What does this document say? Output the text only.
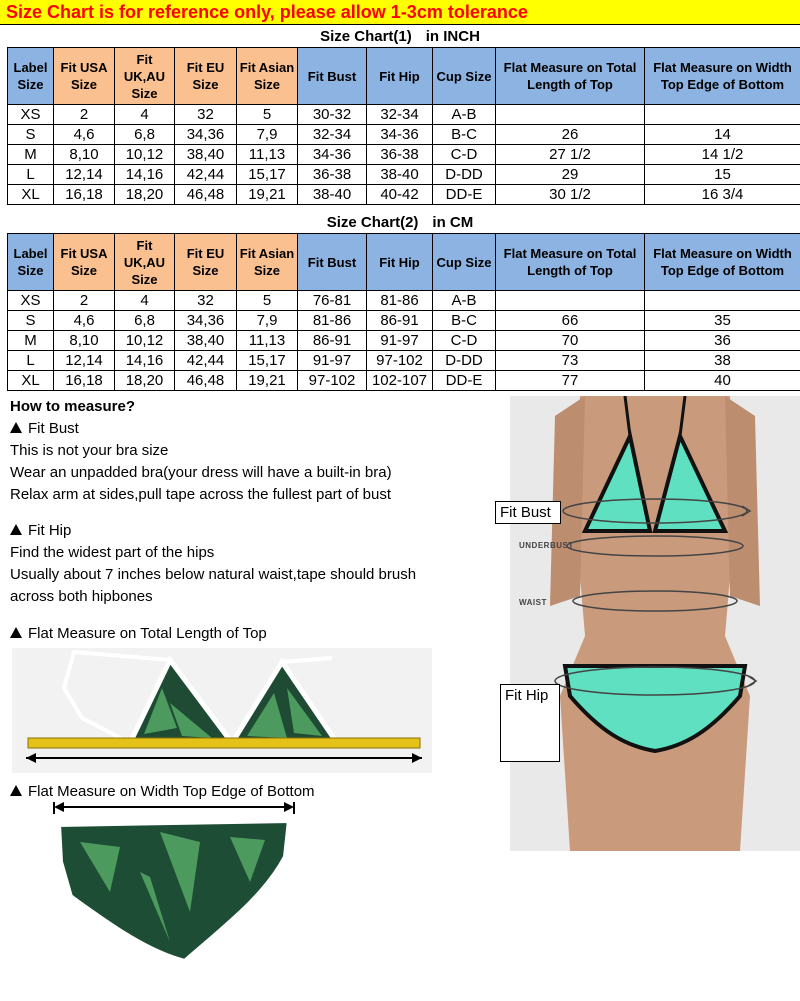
Size Chart is for reference only, please allow 1-3cm tolerance
Size Chart(1) in INCH
Label Size	Fit USA Size	Fit UK,AU Size	Fit EU Size	Fit Asian Size	Fit Bust	Fit Hip	Cup Size	Flat Measure on Total Length of Top	Flat Measure on Width Top Edge of Bottom
XS	2	4	32	5	30-32	32-34	A-B		
S	4,6	6,8	34,36	7,9	32-34	34-36	B-C	26	14
M	8,10	10,12	38,40	11,13	34-36	36-38	C-D	27 1/2	14 1/2
L	12,14	14,16	42,44	15,17	36-38	38-40	D-DD	29	15
XL	16,18	18,20	46,48	19,21	38-40	40-42	DD-E	30 1/2	16 3/4
Size Chart(2) in CM
Label Size	Fit USA Size	Fit UK,AU Size	Fit EU Size	Fit Asian Size	Fit Bust	Fit Hip	Cup Size	Flat Measure on Total Length of Top	Flat Measure on Width Top Edge of Bottom
XS	2	4	32	5	76-81	81-86	A-B		
S	4,6	6,8	34,36	7,9	81-86	86-91	B-C	66	35
M	8,10	10,12	38,40	11,13	86-91	91-97	C-D	70	36
L	12,14	14,16	42,44	15,17	91-97	97-102	D-DD	73	38
XL	16,18	18,20	46,48	19,21	97-102	102-107	DD-E	77	40
How to measure?
Fit Bust
This is not your bra size
Wear an unpadded bra(your dress will have a built-in bra)
Relax arm at sides,pull tape across the fullest part of bust
Fit Hip
Find the widest part of the hips
Usually about 7 inches below natural waist,tape should brush
across both hipbones
Flat Measure on Total Length of Top
Flat Measure on Width Top Edge of Bottom
UNDERBUST
WAIST
Fit Bust
Fit Hip
